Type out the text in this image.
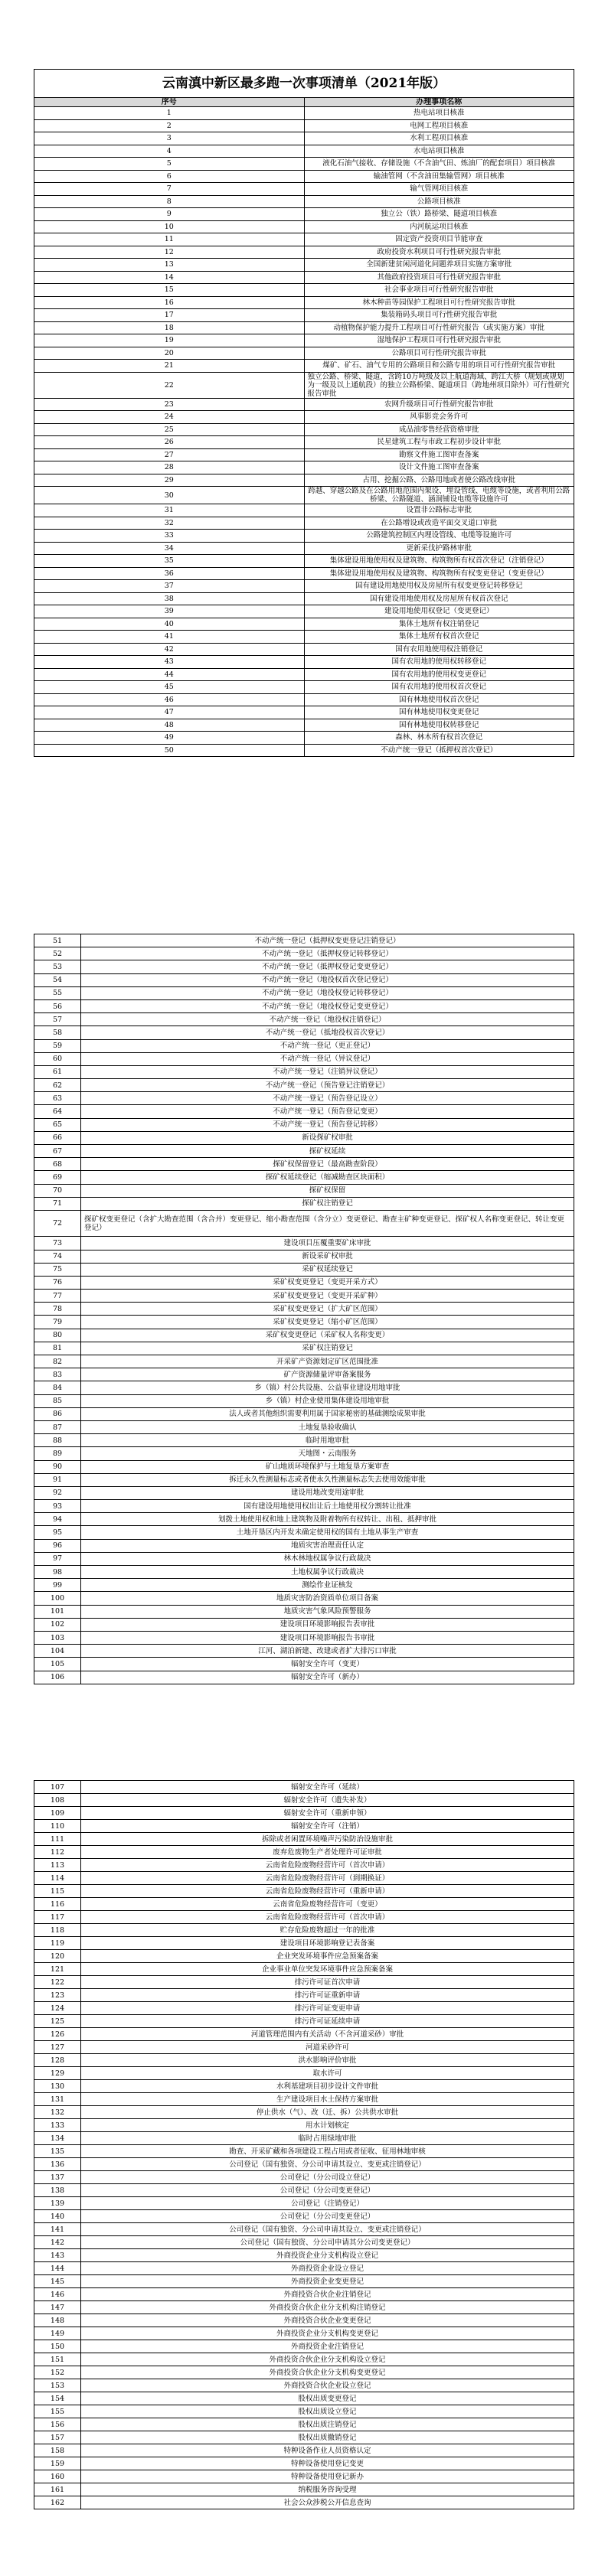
云南滇中新区最多跑一次事项清单（2021年版）	
序号	办理事项名称
1	热电站项目核准
2	电网工程项目核准
3	水利工程项目核准
4	水电站项目核准
5	液化石油气接收、存储设施（不含油气田、炼油厂的配套项目）项目核准
6	输油管网（不含油田集输管网）项目核准
7	输气管网项目核准
8	公路项目核准
9	独立公（铁）路桥梁、隧道项目核准
10	内河航运项目核准
11	固定资产投资项目节能审查
12	政府投资水利项目可行性研究报告审批
13	全国新建贫闲河道化问题养项目实施方案审批
14	其他政府投资项目可行性研究报告审批
15	社会事业项目可行性研究报告审批
16	林木种苗等园保护工程项目可行性研究报告审批
17	集装箱码头项目可行性研究报告审批
18	动植物保护能力提升工程项目可行性研究报告（或实施方案）审批
19	湿地保护工程项目可行性研究报告审批
20	公路项目可行性研究报告审批
21	煤矿、矿石、油气专用的公路项目和公路专用的项目可行性研究报告审批
22	独立公路、桥梁、隧道，含跨10万吨级及以上航道海域、跨江大桥（规划或规划为一级及以上通航段）的独立公路桥梁、隧道项目（跨地州项目除外）可行性研究报告审批
23	农网升级项目可行性研究报告审批
24	风事影竞会务许可
25	成品油零售经营资格审批
26	民星建筑工程与市政工程初步设计审批
27	勘察文件施工图审查备案
28	设计文件施工图审查备案
29	占用、挖掘公路、公路用地或者使公路改线审批
30	跨越、穿越公路及在公路用地范围内架设、埋设管线、电缆等设施，或者利用公路桥梁、公路隧道、涵洞铺设电缆等设施许可
31	设置非公路标志审批
32	在公路增设或改造平面交叉道口审批
33	公路建筑控制区内埋设管线、电缆等设施许可
34	更新采伐护路林审批
35	集体建设用地使用权及建筑物、构筑物所有权首次登记（注销登记）
36	集体建设用地使用权及建筑物、构筑物所有权变更登记（变更登记）
37	国有建设用地使用权及房屋所有权变更登记转移登记
38	国有建设用地使用权及房屋所有权首次登记
39	建设用地使用权登记（变更登记）
40	集体土地所有权注销登记
41	集体土地所有权首次登记
42	国有农用地使用权注销登记
43	国有农用地的使用权转移登记
44	国有农用地的使用权变更登记
45	国有农用地的使用权首次登记
46	国有林地使用权首次登记
47	国有林地使用权变更登记
48	国有林地使用权转移登记
49	森林、林木所有权首次登记
50	不动产统一登记（抵押权首次登记）
51	不动产统一登记（抵押权变更登记注销登记）
52	不动产统一登记（抵押权登记转移登记）
53	不动产统一登记（抵押权登记变更登记）
54	不动产统一登记（地役权首次登记登记）
55	不动产统一登记（地役权登记转移登记）
56	不动产统一登记（地役权登记变更登记）
57	不动产统一登记（地役权注销登记）
58	不动产统一登记（抵地役权首次登记）
59	不动产统一登记（更正登记）
60	不动产统一登记（异议登记）
61	不动产统一登记（注销异议登记）
62	不动产统一登记（预告登记注销登记）
63	不动产统一登记（预告登记设立）
64	不动产统一登记（预告登记变更）
65	不动产统一登记（预告登记转移）
66	新设探矿权审批
67	探矿权延续
68	探矿权保留登记（最高勘查阶段）
69	探矿权延续登记（缩减勘查区块面积）
70	探矿权保留
71	探矿权注销登记
72	探矿权变更登记（含扩大勘查范围（含合并）变更登记、缩小勘查范围（含分立）变更登记、勘查主矿种变更登记、探矿权人名称变更登记、转让变更登记）
73	建设项目压覆重要矿床审批
74	新设采矿权审批
75	采矿权延续登记
76	采矿权变更登记（变更开采方式）
77	采矿权变更登记（变更开采矿种）
78	采矿权变更登记（扩大矿区范围）
79	采矿权变更登记（缩小矿区范围）
80	采矿权变更登记（采矿权人名称变更）
81	采矿权注销登记
82	开采矿产资源划定矿区范围批准
83	矿产资源储量评审备案服务
84	乡（镇）村公共设施、公益事业建设用地审批
85	乡（镇）村企业使用集体建设用地审批
86	法人或者其他组织需要利用属于国家秘密的基础测绘成果审批
87	土地复垦验收确认
88	临时用地审批
89	天地图・云南服务
90	矿山地质环境保护与土地复垦方案审查
91	拆迁永久性测量标志或者使永久性测量标志失去使用效能审批
92	建设用地改变用途审批
93	国有建设用地使用权出让后土地使用权分割转让批准
94	划拨土地使用权和地上建筑物及附着物所有权转让、出租、抵押审批
95	土地开垦区内开发未确定使用权的国有土地从事生产审查
96	地质灾害治理责任认定
97	林木林地权属争议行政裁决
98	土地权属争议行政裁决
99	测绘作业证核发
100	地质灾害防治资质单位项目备案
101	地质灾害气象风险预警服务
102	建设项目环境影响报告表审批
103	建设项目环境影响报告书审批
104	江河、湖泊新建、改建或者扩大排污口审批
105	辐射安全许可（变更）
106	辐射安全许可（新办）
107	辐射安全许可（延续）
108	辐射安全许可（遗失补发）
109	辐射安全许可（重新申领）
110	辐射安全许可（注销）
111	拆除或者闲置环境噪声污染防治设施审批
112	废弃危废物生产者处理许可证审批
113	云南省危险废物经营许可（首次申请）
114	云南省危险废物经营许可（到期换证）
115	云南省危险废物经营许可（重新申请）
116	云南省危险废物经营许可（变更）
117	云南省危险废物经营许可（首次申请）
118	贮存危险废物超过一年的批准
119	建设项目环境影响登记表备案
120	企业突发环境事件应急预案备案
121	企业事业单位突发环境事件应急预案备案
122	排污许可证首次申请
123	排污许可证重新申请
124	排污许可证变更申请
125	排污许可证延续申请
126	河道管理范围内有关活动（不含河道采砂）审批
127	河道采砂许可
128	洪水影响评价审批
129	取水许可
130	水利基建项目初步设计文件审批
131	生产建设项目水土保持方案审批
132	停止供水（气）、改（迁、拆）公共供水审批
133	用水计划核定
134	临时占用绿地审批
135	勘查、开采矿藏和各项建设工程占用或者征收、征用林地审核
136	公司登记（国有独资、分公司申请其设立、变更或注销登记）
137	公司登记（分公司设立登记）
138	公司登记（分公司变更登记）
139	公司登记（注销登记）
140	公司登记（分公司变更登记）
141	公司登记（国有独资、分公司申请其设立、变更或注销登记）
142	公司登记（国有独资、分公司申请其分公司变更登记）
143	外商投资企业分支机构设立登记
144	外商投资企业设立登记
145	外商投资企业变更登记
146	外商投资合伙企业注销登记
147	外商投资合伙企业分支机构注销登记
148	外商投资合伙企业变更登记
149	外商投资企业分支机构变更登记
150	外商投资企业注销登记
151	外商投资合伙企业分支机构设立登记
152	外商投资合伙企业分支机构变更登记
153	外商投资合伙企业设立登记
154	股权出质变更登记
155	股权出质设立登记
156	股权出质注销登记
157	股权出质撤销登记
158	特种设备作业人员资格认定
159	特种设备使用登记变更
160	特种设备使用登记新办
161	纳税服务咨询受理
162	社会公众涉税公开信息查询
